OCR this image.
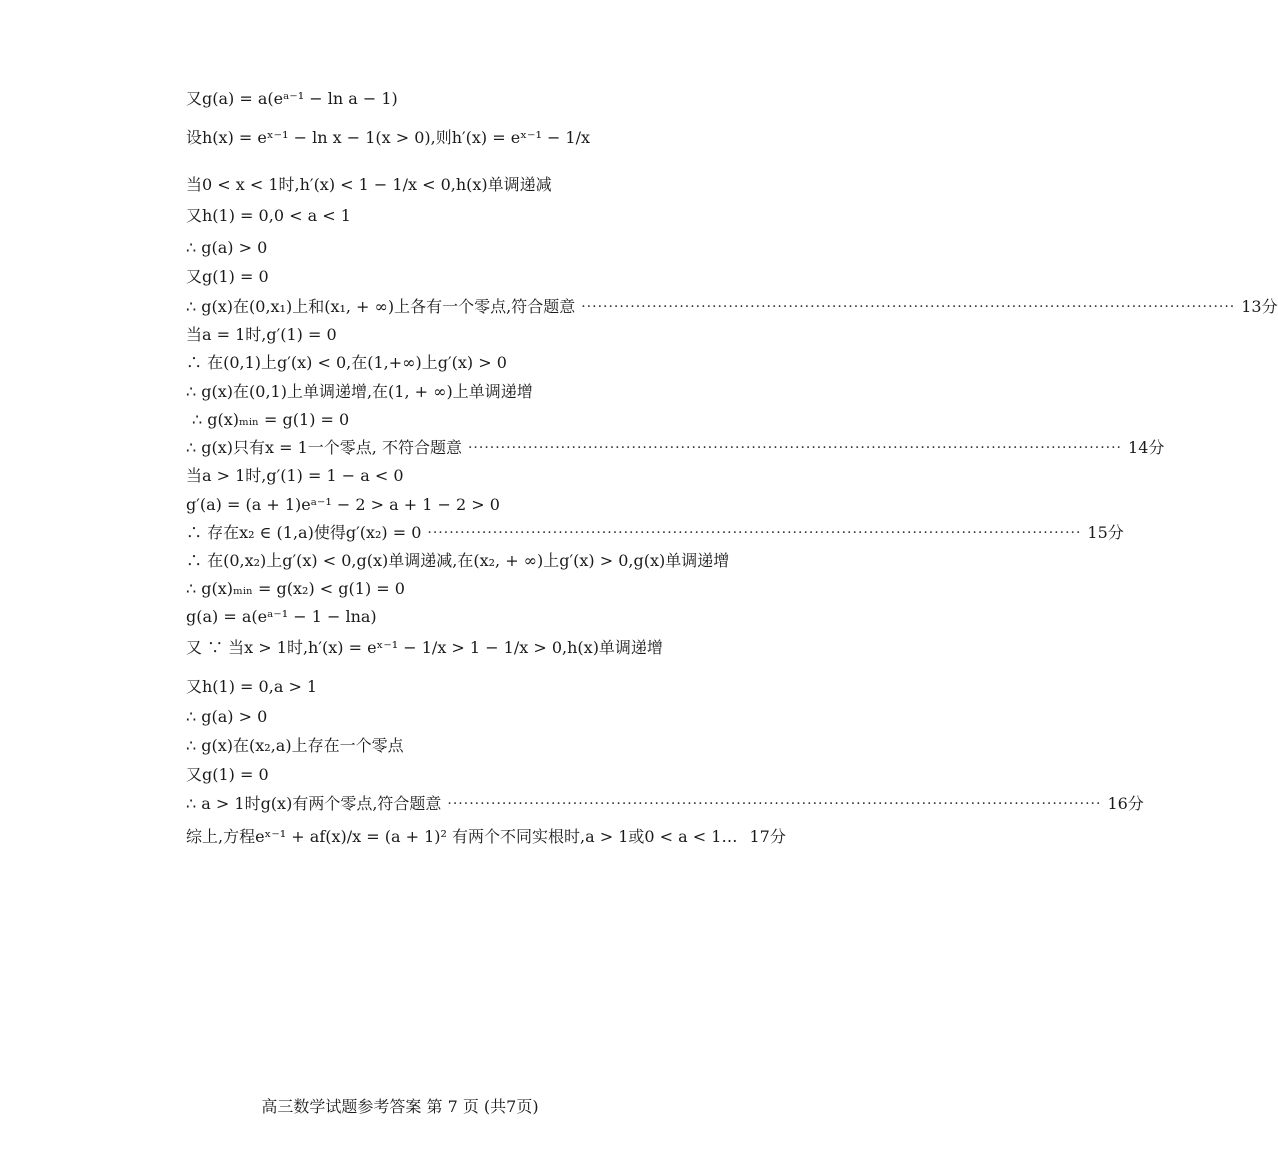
又g(a) = a(eᵃ⁻¹ − ln a − 1)
设h(x) = eˣ⁻¹ − ln x − 1(x > 0),则h′(x) = eˣ⁻¹ − 1/x
当0 < x < 1时,h′(x) < 1 − 1/x < 0,h(x)单调递减
又h(1) = 0,0 < a < 1
∴ g(a) > 0
又g(1) = 0
∴ g(x)在(0,x₁)上和(x₁, + ∞)上各有一个零点,符合题意 ························································································································ 13分
当a = 1时,g′(1) = 0
∴ 在(0,1)上g′(x) < 0,在(1,+∞)上g′(x) > 0
∴ g(x)在(0,1)上单调递增,在(1, + ∞)上单调递增
∴ g(x)ₘᵢₙ = g(1) = 0
∴ g(x)只有x = 1一个零点, 不符合题意 ························································································································ 14分
当a > 1时,g′(1) = 1 − a < 0
g′(a) = (a + 1)eᵃ⁻¹ − 2 > a + 1 − 2 > 0
∴ 存在x₂ ∈ (1,a)使得g′(x₂) = 0 ························································································································ 15分
∴ 在(0,x₂)上g′(x) < 0,g(x)单调递减,在(x₂, + ∞)上g′(x) > 0,g(x)单调递增
∴ g(x)ₘᵢₙ = g(x₂) < g(1) = 0
g(a) = a(eᵃ⁻¹ − 1 − lna)
又 ∵ 当x > 1时,h′(x) = eˣ⁻¹ − 1/x > 1 − 1/x > 0,h(x)单调递增
又h(1) = 0,a > 1
∴ g(a) > 0
∴ g(x)在(x₂,a)上存在一个零点
又g(1) = 0
∴ a > 1时g(x)有两个零点,符合题意 ························································································································ 16分
综上,方程eˣ⁻¹ + af(x)/x = (a + 1)² 有两个不同实根时,a > 1或0 < a < 1… 17分
高三数学试题参考答案 第 7 页 (共7页)
